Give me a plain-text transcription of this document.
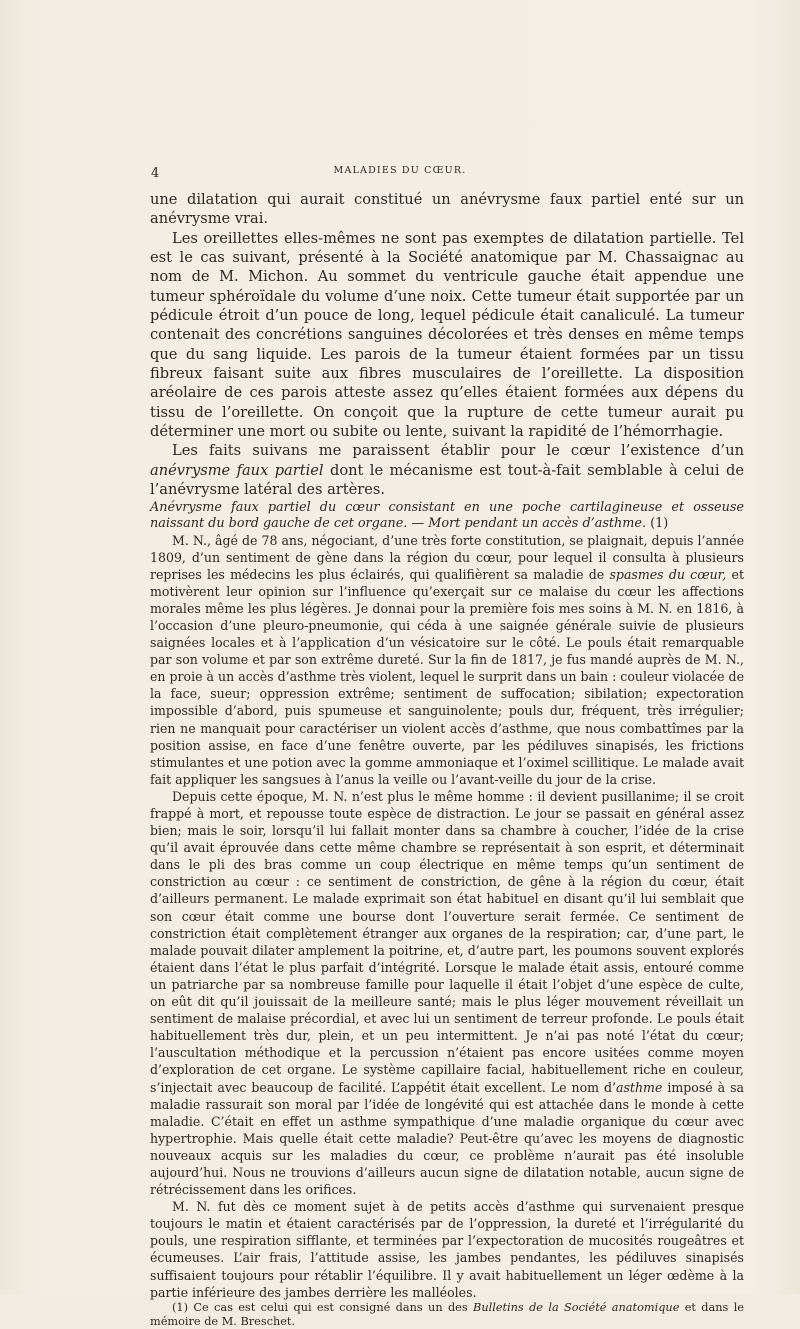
4	MALADIES DU CŒUR.

une dilatation qui aurait constitué un anévrysme faux partiel enté sur un anévrysme vrai.

Les oreillettes elles-mêmes ne sont pas exemptes de dilatation partielle. Tel est le cas suivant, présenté à la Société anatomique par M. Chassaignac au nom de M. Michon. Au sommet du ventricule gauche était appendue une tumeur sphéroïdale du volume d’une noix. Cette tumeur était supportée par un pédicule étroit d’un pouce de long, lequel pédicule était canaliculé. La tumeur contenait des concrétions sanguines décolorées et très denses en même temps que du sang liquide. Les parois de la tumeur étaient formées par un tissu fibreux faisant suite aux fibres musculaires de l’oreillette. La disposition aréolaire de ces parois atteste assez qu’elles étaient formées aux dépens du tissu de l’oreillette. On conçoit que la rupture de cette tumeur aurait pu déterminer une mort ou subite ou lente, suivant la rapidité de l’hémorrhagie.

Les faits suivans me paraissent établir pour le cœur l’existence d’un anévrysme faux partiel dont le mécanisme est tout-à-fait semblable à celui de l’anévrysme latéral des artères.

Anévrysme faux partiel du cœur consistant en une poche cartilagineuse et osseuse naissant du bord gauche de cet organe. — Mort pendant un accès d’asthme. (1)

M. N., âgé de 78 ans, négociant, d’une très forte constitution, se plaignait, depuis l’année 1809, d’un sentiment de gène dans la région du cœur, pour lequel il consulta à plusieurs reprises les médecins les plus éclairés, qui qualifièrent sa maladie de spasmes du cœur, et motivèrent leur opinion sur l’influence qu’exerçait sur ce malaise du cœur les affections morales même les plus légères. Je donnai pour la première fois mes soins à M. N. en 1816, à l’occasion d’une pleuro-pneumonie, qui céda à une saignée générale suivie de plusieurs saignées locales et à l’application d’un vésicatoire sur le côté. Le pouls était remarquable par son volume et par son extrême dureté. Sur la fin de 1817, je fus mandé auprès de M. N., en proie à un accès d’asthme très violent, lequel le surprit dans un bain : couleur violacée de la face, sueur; oppression extrême; sentiment de suffocation; sibilation; expectoration impossible d’abord, puis spumeuse et sanguinolente; pouls dur, fréquent, très irrégulier; rien ne manquait pour caractériser un violent accès d’asthme, que nous combattîmes par la position assise, en face d’une fenêtre ouverte, par les pédiluves sinapisés, les frictions stimulantes et une potion avec la gomme ammoniaque et l’oximel scillitique. Le malade avait fait appliquer les sangsues à l’anus la veille ou l’avant-veille du jour de la crise.

Depuis cette époque, M. N. n’est plus le même homme : il devient pusillanime; il se croit frappé à mort, et repousse toute espèce de distraction. Le jour se passait en général assez bien; mais le soir, lorsqu’il lui fallait monter dans sa chambre à coucher, l’idée de la crise qu’il avait éprouvée dans cette même chambre se représentait à son esprit, et déterminait dans le pli des bras comme un coup électrique en même temps qu’un sentiment de constriction au cœur : ce sentiment de constriction, de gêne à la région du cœur, était d’ailleurs permanent. Le malade exprimait son état habituel en disant qu’il lui semblait que son cœur était comme une bourse dont l’ouverture serait fermée. Ce sentiment de constriction était complètement étranger aux organes de la respiration; car, d’une part, le malade pouvait dilater amplement la poitrine, et, d’autre part, les poumons souvent explorés étaient dans l’état le plus parfait d’intégrité. Lorsque le malade était assis, entouré comme un patriarche par sa nombreuse famille pour laquelle il était l’objet d’une espèce de culte, on eût dit qu’il jouissait de la meilleure santé; mais le plus léger mouvement réveillait un sentiment de malaise précordial, et avec lui un sentiment de terreur profonde. Le pouls était habituellement très dur, plein, et un peu intermittent. Je n’ai pas noté l’état du cœur; l’auscultation méthodique et la percussion n’étaient pas encore usitées comme moyen d’exploration de cet organe. Le système capillaire facial, habituellement riche en couleur, s’injectait avec beaucoup de facilité. L’appétit était excellent. Le nom d’asthme imposé à sa maladie rassurait son moral par l’idée de longévité qui est attachée dans le monde à cette maladie. C’était en effet un asthme sympathique d’une maladie organique du cœur avec hypertrophie. Mais quelle était cette maladie? Peut-être qu’avec les moyens de diagnostic nouveaux acquis sur les maladies du cœur, ce problème n’aurait pas été insoluble aujourd’hui. Nous ne trouvions d’ailleurs aucun signe de dilatation notable, aucun signe de rétrécissement dans les orifices.

M. N. fut dès ce moment sujet à de petits accès d’asthme qui survenaient presque toujours le matin et étaient caractérisés par de l’oppression, la dureté et l’irrégularité du pouls, une respiration sifflante, et terminées par l’expectoration de mucosités rougeâtres et écumeuses. L’air frais, l’attitude assise, les jambes pendantes, les pédiluves sinapisés suffisaient toujours pour rétablir l’équilibre. Il y avait habituellement un léger œdème à la partie inférieure des jambes derrière les malléoles.

(1) Ce cas est celui qui est consigné dans un des Bulletins de la Société anatomique et dans le mémoire de M. Breschet.
